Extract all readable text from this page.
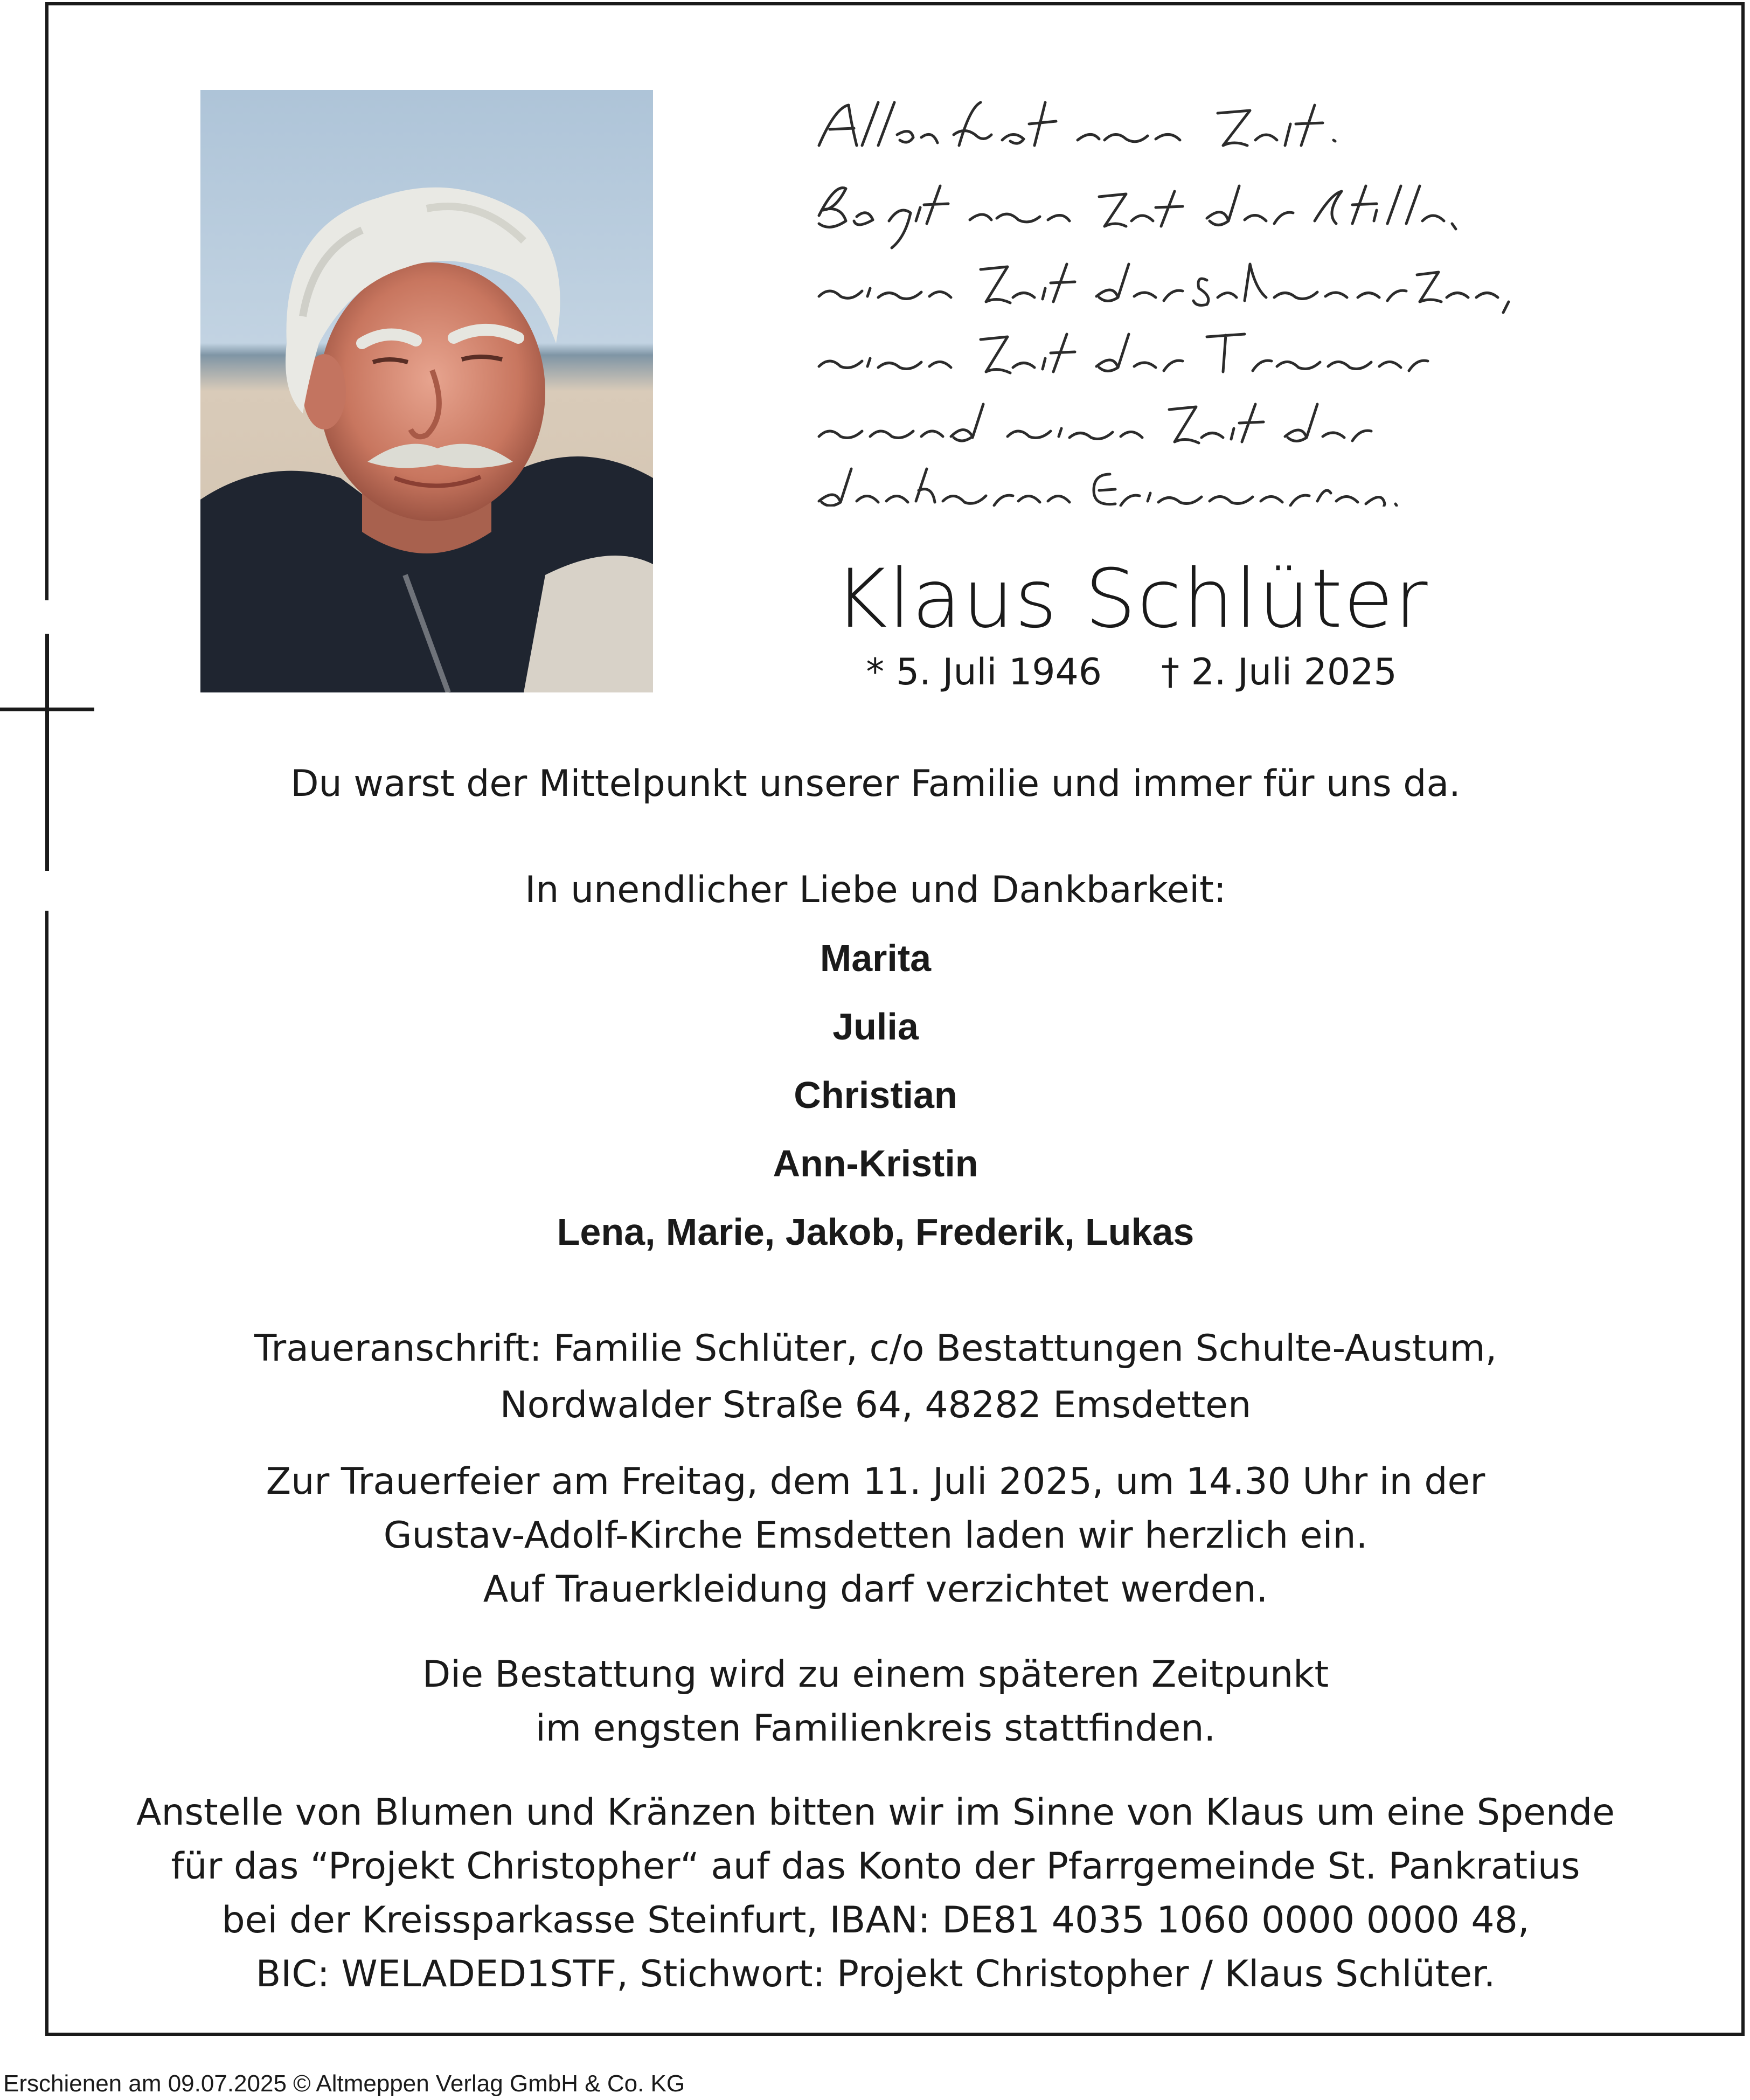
Klaus Schlüter
* 5. Juli 1946 † 2. Juli 2025
Du warst der Mittelpunkt unserer Familie und immer für uns da.
In unendlicher Liebe und Dankbarkeit:
Marita
Julia
Christian
Ann-Kristin
Lena, Marie, Jakob, Frederik, Lukas
Traueranschrift: Familie Schlüter, c/o Bestattungen Schulte-Austum,
Nordwalder Straße 64, 48282 Emsdetten
Zur Trauerfeier am Freitag, dem 11. Juli 2025, um 14.30 Uhr in der
Gustav-Adolf-Kirche Emsdetten laden wir herzlich ein.
Auf Trauerkleidung darf verzichtet werden.
Die Bestattung wird zu einem späteren Zeitpunkt
im engsten Familienkreis stattfinden.
Anstelle von Blumen und Kränzen bitten wir im Sinne von Klaus um eine Spende
für das “Projekt Christopher“ auf das Konto der Pfarrgemeinde St. Pankratius
bei der Kreissparkasse Steinfurt, IBAN: DE81 4035 1060 0000 0000 48,
BIC: WELADED1STF, Stichwort: Projekt Christopher / Klaus Schlüter.
Erschienen am 09.07.2025 © Altmeppen Verlag GmbH & Co. KG
